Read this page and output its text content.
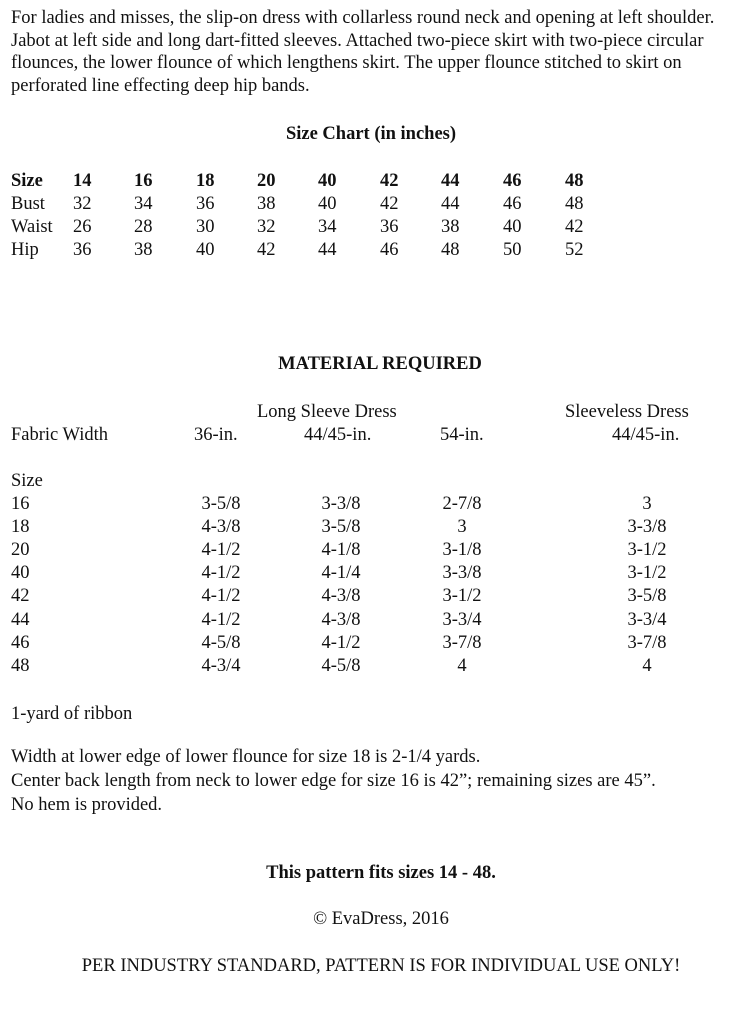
For ladies and misses, the slip-on dress with collarless round neck and opening at left shoulder. Jabot at left side and long dart-fitted sleeves. Attached two-piece skirt with two-piece circular flounces, the lower flounce of which lengthens skirt. The upper flounce stitched to skirt on perforated line effecting deep hip bands.
Size Chart (in inches)
Size 14 16 18 20 40 42 44 46 48
Bust 32 34 36 38 40 42 44 46 48
Waist 26 28 30 32 34 36 38 40 42
Hip 36 38 40 42 44 46 48 50 52
MATERIAL REQUIRED
Long Sleeve Dress	Sleeveless Dress
Fabric Width	36-in.	44/45-in.	54-in.	44/45-in.
Size
16	3-5/8	3-3/8	2-7/8	3
18	4-3/8	3-5/8	3	3-3/8
20	4-1/2	4-1/8	3-1/8	3-1/2
40	4-1/2	4-1/4	3-3/8	3-1/2
42	4-1/2	4-3/8	3-1/2	3-5/8
44	4-1/2	4-3/8	3-3/4	3-3/4
46	4-5/8	4-1/2	3-7/8	3-7/8
48	4-3/4	4-5/8	4	4
1-yard of ribbon
Width at lower edge of lower flounce for size 18 is 2-1/4 yards.
Center back length from neck to lower edge for size 16 is 42”; remaining sizes are 45”.
No hem is provided.
This pattern fits sizes 14 - 48.
© EvaDress, 2016
PER INDUSTRY STANDARD, PATTERN IS FOR INDIVIDUAL USE ONLY!
